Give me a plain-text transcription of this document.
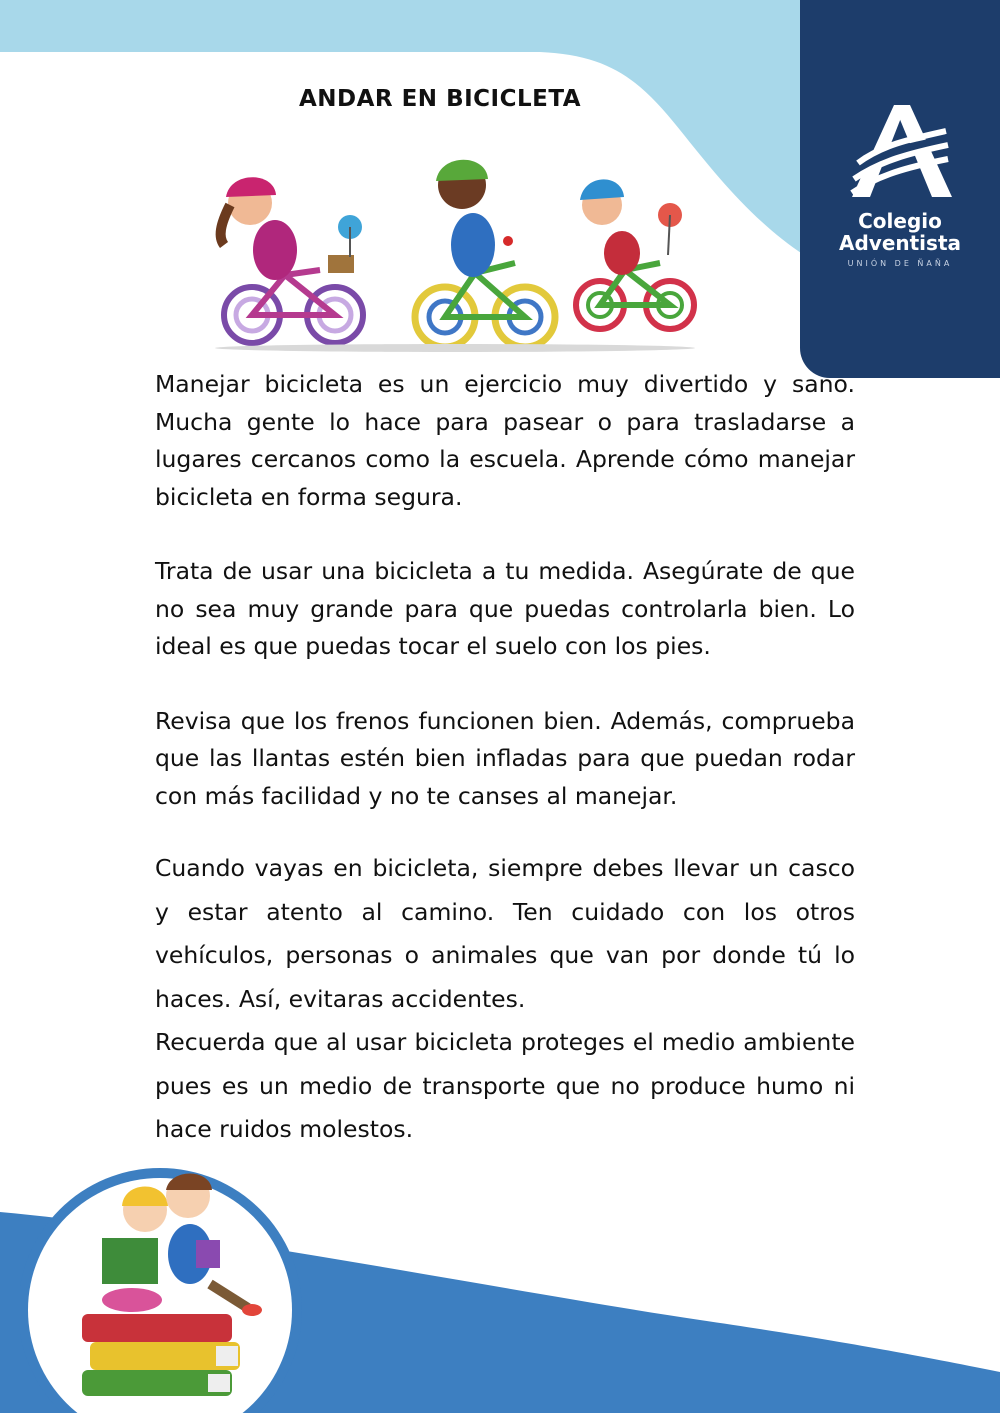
Colegio
Adventista
UNIÓN DE ÑAÑA
ANDAR EN BICICLETA

Manejar bicicleta es un ejercicio muy divertido y sano. Mucha gente lo hace para pasear o para trasladarse a lugares cercanos como la escuela. Aprende cómo manejar bicicleta en forma segura.

Trata de usar una bicicleta a tu medida. Asegúrate de que no sea muy grande para que puedas controlarla bien. Lo ideal es que puedas tocar el suelo con los pies.

Revisa que los frenos funcionen bien. Además, comprueba que las llantas estén bien infladas para que puedan rodar con más facilidad y no te canses al manejar.

Cuando vayas en bicicleta, siempre debes llevar un casco y estar atento al camino. Ten cuidado con los otros vehículos, personas o animales que van por donde tú lo haces. Así, evitaras accidentes.

Recuerda que al usar bicicleta proteges el medio ambiente pues es un medio de transporte que no produce humo ni hace ruidos molestos.
